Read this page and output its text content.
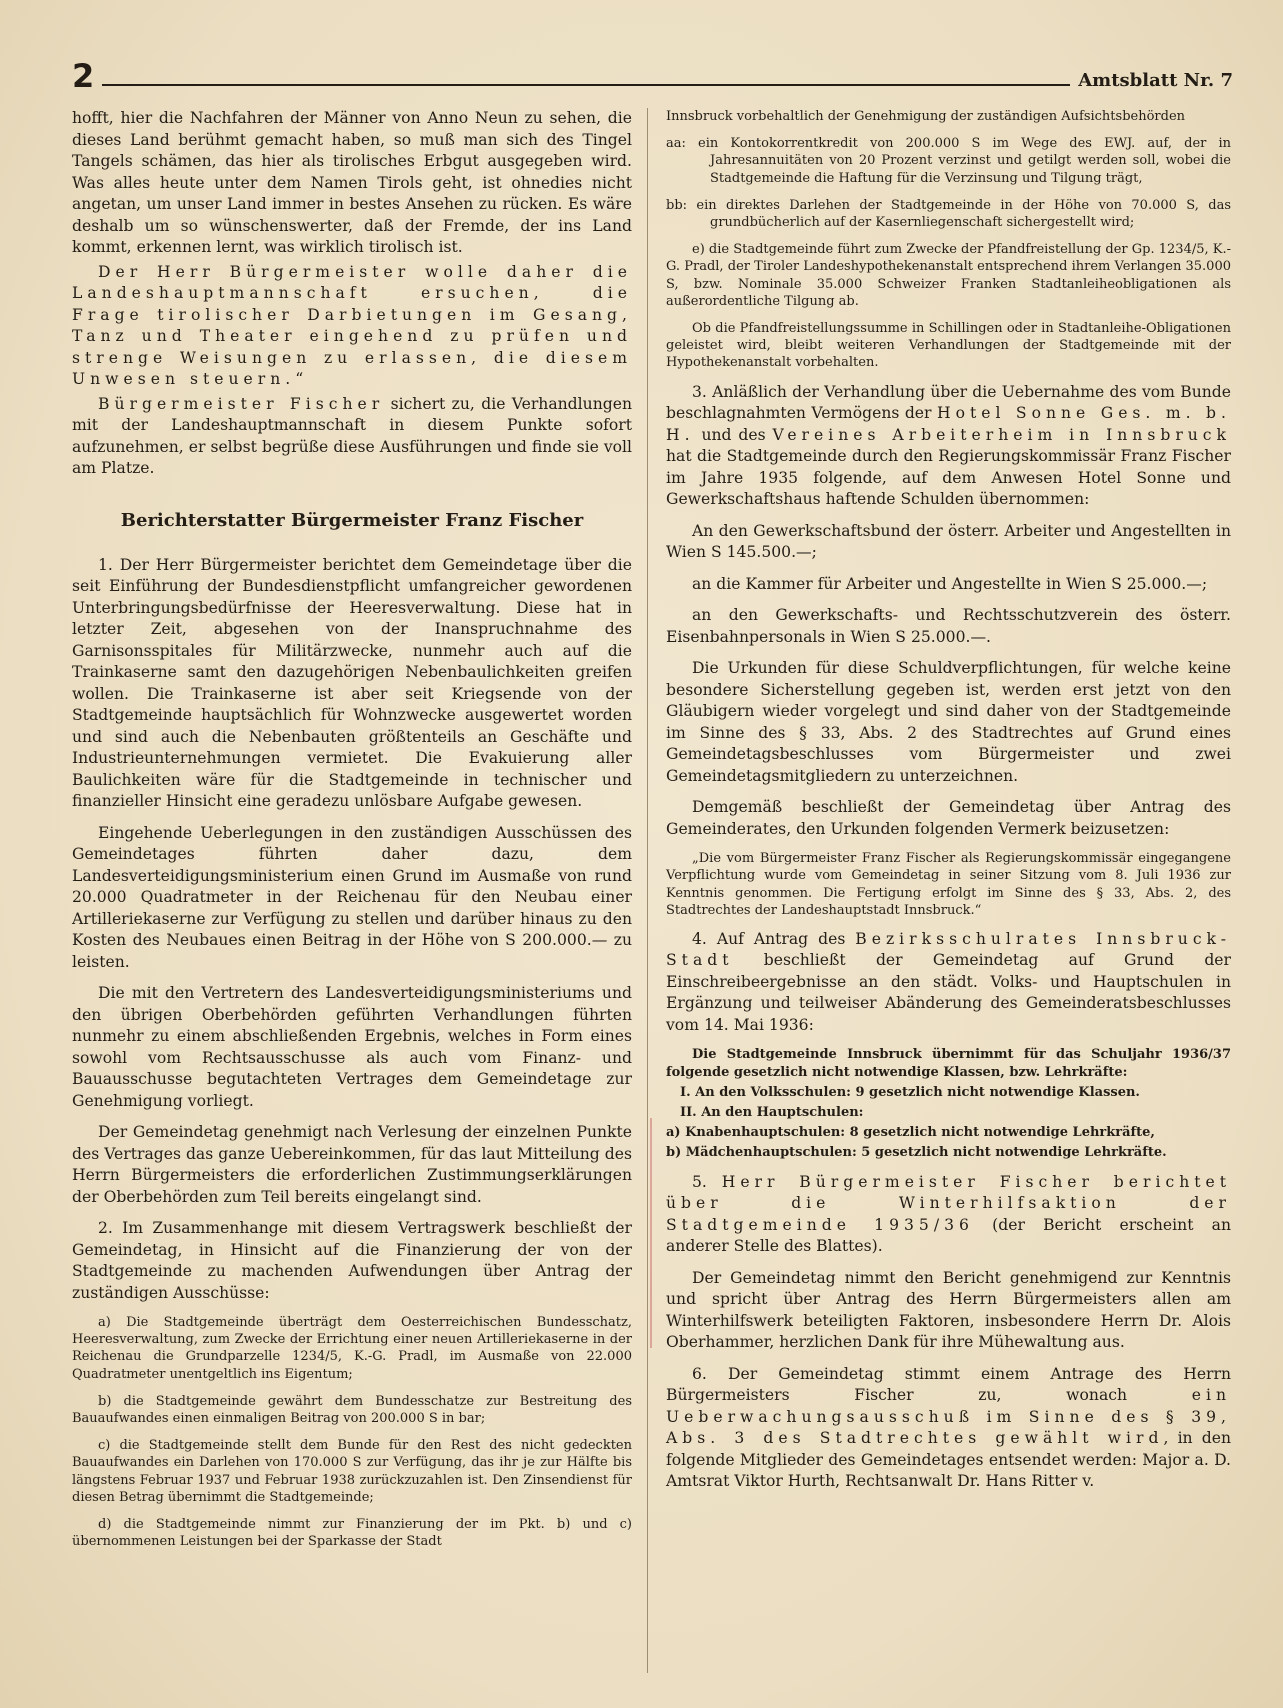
2	Amtsblatt Nr. 7

hofft, hier die Nachfahren der Männer von Anno Neun zu sehen, die dieses Land berühmt gemacht haben, so muß man sich des Tingel Tangels schämen, das hier als tirolisches Erbgut ausgegeben wird. Was alles heute unter dem Namen Tirols geht, ist ohnedies nicht angetan, um unser Land immer in bestes Ansehen zu rücken. Es wäre deshalb um so wünschenswerter, daß der Fremde, der ins Land kommt, erkennen lernt, was wirklich tirolisch ist.

Der Herr Bürgermeister wolle daher die Landeshauptmannschaft ersuchen, die Frage tirolischer Darbietungen im Gesang, Tanz und Theater eingehend zu prüfen und strenge Weisungen zu erlassen, die diesem Unwesen steuern.“

Bürgermeister Fischer sichert zu, die Verhandlungen mit der Landeshauptmannschaft in diesem Punkte sofort aufzunehmen, er selbst begrüße diese Ausführungen und finde sie voll am Platze.

Berichterstatter Bürgermeister Franz Fischer

1. Der Herr Bürgermeister berichtet dem Gemeindetage über die seit Einführung der Bundesdienstpflicht umfangreicher gewordenen Unterbringungsbedürfnisse der Heeresverwaltung. Diese hat in letzter Zeit, abgesehen von der Inanspruchnahme des Garnisonsspitales für Militärzwecke, nunmehr auch auf die Trainkaserne samt den dazugehörigen Nebenbaulichkeiten greifen wollen. Die Trainkaserne ist aber seit Kriegsende von der Stadtgemeinde hauptsächlich für Wohnzwecke ausgewertet worden und sind auch die Nebenbauten größtenteils an Geschäfte und Industrieunternehmungen vermietet. Die Evakuierung aller Baulichkeiten wäre für die Stadtgemeinde in technischer und finanzieller Hinsicht eine geradezu unlösbare Aufgabe gewesen.

Eingehende Ueberlegungen in den zuständigen Ausschüssen des Gemeindetages führten daher dazu, dem Landesverteidigungsministerium einen Grund im Ausmaße von rund 20.000 Quadratmeter in der Reichenau für den Neubau einer Artilleriekaserne zur Verfügung zu stellen und darüber hinaus zu den Kosten des Neubaues einen Beitrag in der Höhe von S 200.000.— zu leisten.

Die mit den Vertretern des Landesverteidigungsministeriums und den übrigen Oberbehörden geführten Verhandlungen führten nunmehr zu einem abschließenden Ergebnis, welches in Form eines sowohl vom Rechtsausschusse als auch vom Finanz- und Bauausschusse begutachteten Vertrages dem Gemeindetage zur Genehmigung vorliegt.

Der Gemeindetag genehmigt nach Verlesung der einzelnen Punkte des Vertrages das ganze Uebereinkommen, für das laut Mitteilung des Herrn Bürgermeisters die erforderlichen Zustimmungserklärungen der Oberbehörden zum Teil bereits eingelangt sind.

2. Im Zusammenhange mit diesem Vertragswerk beschließt der Gemeindetag, in Hinsicht auf die Finanzierung der von der Stadtgemeinde zu machenden Aufwendungen über Antrag der zuständigen Ausschüsse:

a) Die Stadtgemeinde überträgt dem Oesterreichischen Bundesschatz, Heeresverwaltung, zum Zwecke der Errichtung einer neuen Artilleriekaserne in der Reichenau die Grundparzelle 1234/5, K.-G. Pradl, im Ausmaße von 22.000 Quadratmeter unentgeltlich ins Eigentum;

b) die Stadtgemeinde gewährt dem Bundesschatze zur Bestreitung des Bauaufwandes einen einmaligen Beitrag von 200.000 S in bar;

c) die Stadtgemeinde stellt dem Bunde für den Rest des nicht gedeckten Bauaufwandes ein Darlehen von 170.000 S zur Verfügung, das ihr je zur Hälfte bis längstens Februar 1937 und Februar 1938 zurückzuzahlen ist. Den Zinsendienst für diesen Betrag übernimmt die Stadtgemeinde;

d) die Stadtgemeinde nimmt zur Finanzierung der im Pkt. b) und c) übernommenen Leistungen bei der Sparkasse der Stadt

Innsbruck vorbehaltlich der Genehmigung der zuständigen Aufsichtsbehörden

aa: ein Kontokorrentkredit von 200.000 S im Wege des EWJ. auf, der in Jahresannuitäten von 20 Prozent verzinst und getilgt werden soll, wobei die Stadtgemeinde die Haftung für die Verzinsung und Tilgung trägt,

bb: ein direktes Darlehen der Stadtgemeinde in der Höhe von 70.000 S, das grundbücherlich auf der Kasernliegenschaft sichergestellt wird;

e) die Stadtgemeinde führt zum Zwecke der Pfandfreistellung der Gp. 1234/5, K.-G. Pradl, der Tiroler Landeshypothekenanstalt entsprechend ihrem Verlangen 35.000 S, bzw. Nominale 35.000 Schweizer Franken Stadtanleiheobligationen als außerordentliche Tilgung ab.

Ob die Pfandfreistellungssumme in Schillingen oder in Stadtanleihe-Obligationen geleistet wird, bleibt weiteren Verhandlungen der Stadtgemeinde mit der Hypothekenanstalt vorbehalten.

3. Anläßlich der Verhandlung über die Uebernahme des vom Bunde beschlagnahmten Vermögens der Hotel Sonne Ges. m. b. H. und des Vereines Arbeiterheim in Innsbruck hat die Stadtgemeinde durch den Regierungskommissär Franz Fischer im Jahre 1935 folgende, auf dem Anwesen Hotel Sonne und Gewerkschaftshaus haftende Schulden übernommen:

An den Gewerkschaftsbund der österr. Arbeiter und Angestellten in Wien S 145.500.—;

an die Kammer für Arbeiter und Angestellte in Wien S 25.000.—;

an den Gewerkschafts- und Rechtsschutzverein des österr. Eisenbahnpersonals in Wien S 25.000.—.

Die Urkunden für diese Schuldverpflichtungen, für welche keine besondere Sicherstellung gegeben ist, werden erst jetzt von den Gläubigern wieder vorgelegt und sind daher von der Stadtgemeinde im Sinne des § 33, Abs. 2 des Stadtrechtes auf Grund eines Gemeindetagsbeschlusses vom Bürgermeister und zwei Gemeindetagsmitgliedern zu unterzeichnen.

Demgemäß beschließt der Gemeindetag über Antrag des Gemeinderates, den Urkunden folgenden Vermerk beizusetzen:

„Die vom Bürgermeister Franz Fischer als Regierungskommissär eingegangene Verpflichtung wurde vom Gemeindetag in seiner Sitzung vom 8. Juli 1936 zur Kenntnis genommen. Die Fertigung erfolgt im Sinne des § 33, Abs. 2, des Stadtrechtes der Landeshauptstadt Innsbruck.“

4. Auf Antrag des Bezirksschulrates Innsbruck-Stadt beschließt der Gemeindetag auf Grund der Einschreibeergebnisse an den städt. Volks- und Hauptschulen in Ergänzung und teilweiser Abänderung des Gemeinderatsbeschlusses vom 14. Mai 1936:

Die Stadtgemeinde Innsbruck übernimmt für das Schuljahr 1936/37 folgende gesetzlich nicht notwendige Klassen, bzw. Lehrkräfte:

I. An den Volksschulen: 9 gesetzlich nicht notwendige Klassen.

II. An den Hauptschulen:

a) Knabenhauptschulen: 8 gesetzlich nicht notwendige Lehrkräfte,

b) Mädchenhauptschulen: 5 gesetzlich nicht notwendige Lehrkräfte.

5. Herr Bürgermeister Fischer berichtet über die Winterhilfsaktion der Stadtgemeinde 1935/36 (der Bericht erscheint an anderer Stelle des Blattes).

Der Gemeindetag nimmt den Bericht genehmigend zur Kenntnis und spricht über Antrag des Herrn Bürgermeisters allen am Winterhilfswerk beteiligten Faktoren, insbesondere Herrn Dr. Alois Oberhammer, herzlichen Dank für ihre Mühewaltung aus.

6. Der Gemeindetag stimmt einem Antrage des Herrn Bürgermeisters Fischer zu, wonach ein Ueberwachungsausschuß im Sinne des § 39, Abs. 3 des Stadtrechtes gewählt wird, in den folgende Mitglieder des Gemeindetages entsendet werden: Major a. D. Amtsrat Viktor Hurth, Rechtsanwalt Dr. Hans Ritter v.
